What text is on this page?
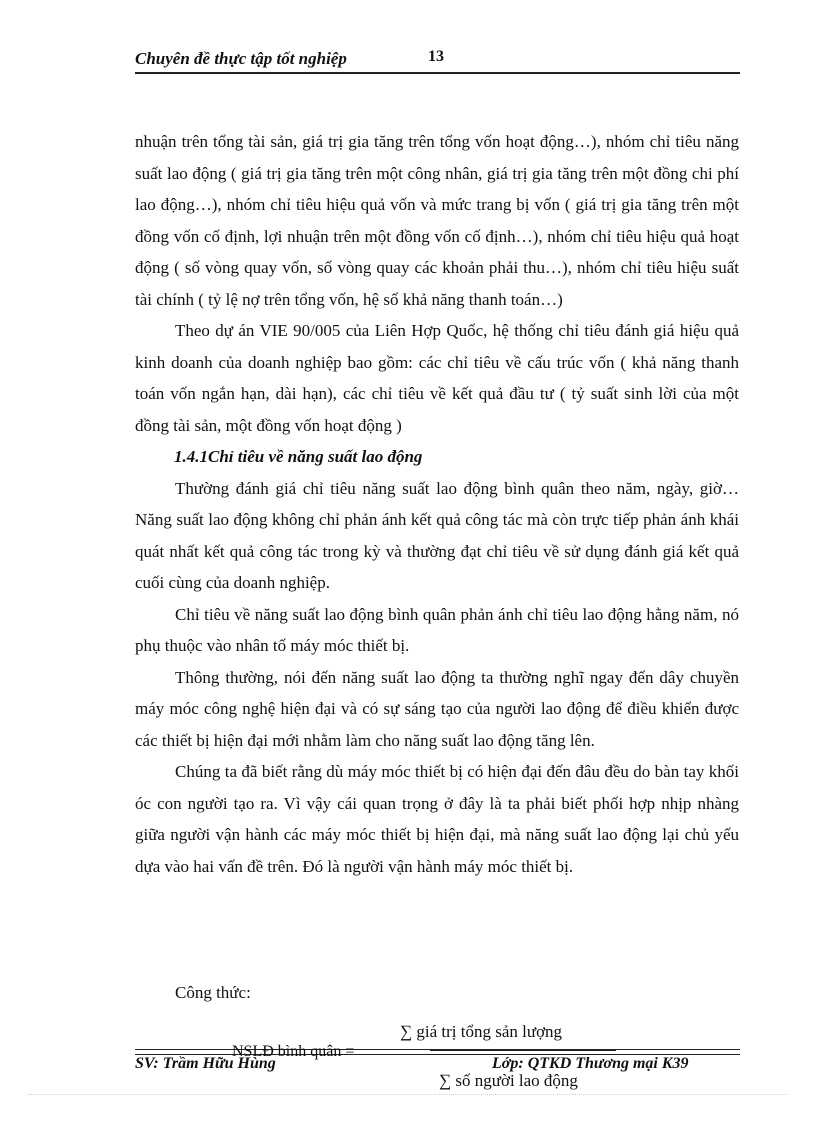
Chuyên đề thực tập tốt nghiệp	13

nhuận trên tổng tài sản, giá trị gia tăng trên tổng vốn hoạt động…), nhóm chỉ tiêu năng suất lao động ( giá trị gia tăng trên một công nhân, giá trị gia tăng trên một đồng chi phí lao động…), nhóm chỉ tiêu hiệu quả vốn và mức trang bị vốn ( giá trị gia tăng trên một đồng vốn cố định, lợi nhuận trên một đồng vốn cố định…), nhóm chỉ tiêu hiệu quả hoạt động ( số vòng quay vốn, số vòng quay các khoản phải thu…), nhóm chỉ tiêu hiệu suất tài chính ( tỷ lệ nợ trên tổng vốn, hệ số khả năng thanh toán…)

Theo dự án VIE 90/005 của Liên Hợp Quốc, hệ thống chỉ tiêu đánh giá hiệu quả kinh doanh của doanh nghiệp bao gồm: các chỉ tiêu về cấu trúc vốn ( khả năng thanh toán vốn ngắn hạn, dài hạn), các chỉ tiêu về kết quả đầu tư ( tỷ suất sinh lời của một đồng tài sản, một đồng vốn hoạt động )

1.4.1Chỉ tiêu về năng suất lao động

Thường đánh giá chỉ tiêu năng suất lao động bình quân theo năm, ngày, giờ… Năng suất lao động không chỉ phản ánh kết quả công tác mà còn trực tiếp phản ánh khái quát nhất kết quả công tác trong kỳ và thường đạt chỉ tiêu về sử dụng đánh giá kết quả cuối cùng của doanh nghiệp.

Chỉ tiêu về năng suất lao động bình quân phản ánh chỉ tiêu lao động hằng năm, nó phụ thuộc vào nhân tố máy móc thiết bị.

Thông thường, nói đến năng suất lao động ta thường nghĩ ngay đến dây chuyền máy móc công nghệ hiện đại và có sự sáng tạo của người lao động để điều khiển được các thiết bị hiện đại mới nhằm làm cho năng suất lao động tăng lên.

Chúng ta đã biết rằng dù máy móc thiết bị có hiện đại đến đâu đều do bàn tay khối óc con người tạo ra. Vì vậy cái quan trọng ở đây là ta phải biết phối hợp nhịp nhàng giữa người vận hành các máy móc thiết bị hiện đại, mà năng suất lao động lại chủ yếu dựa vào hai vấn đề trên. Đó là người vận hành máy móc thiết bị.

Công thức:
∑ giá trị tổng sản lượng
NSLĐ bình quân =
SV: Trầm Hữu Hùng	Lớp: QTKD Thương mại K39
∑ số người lao động
